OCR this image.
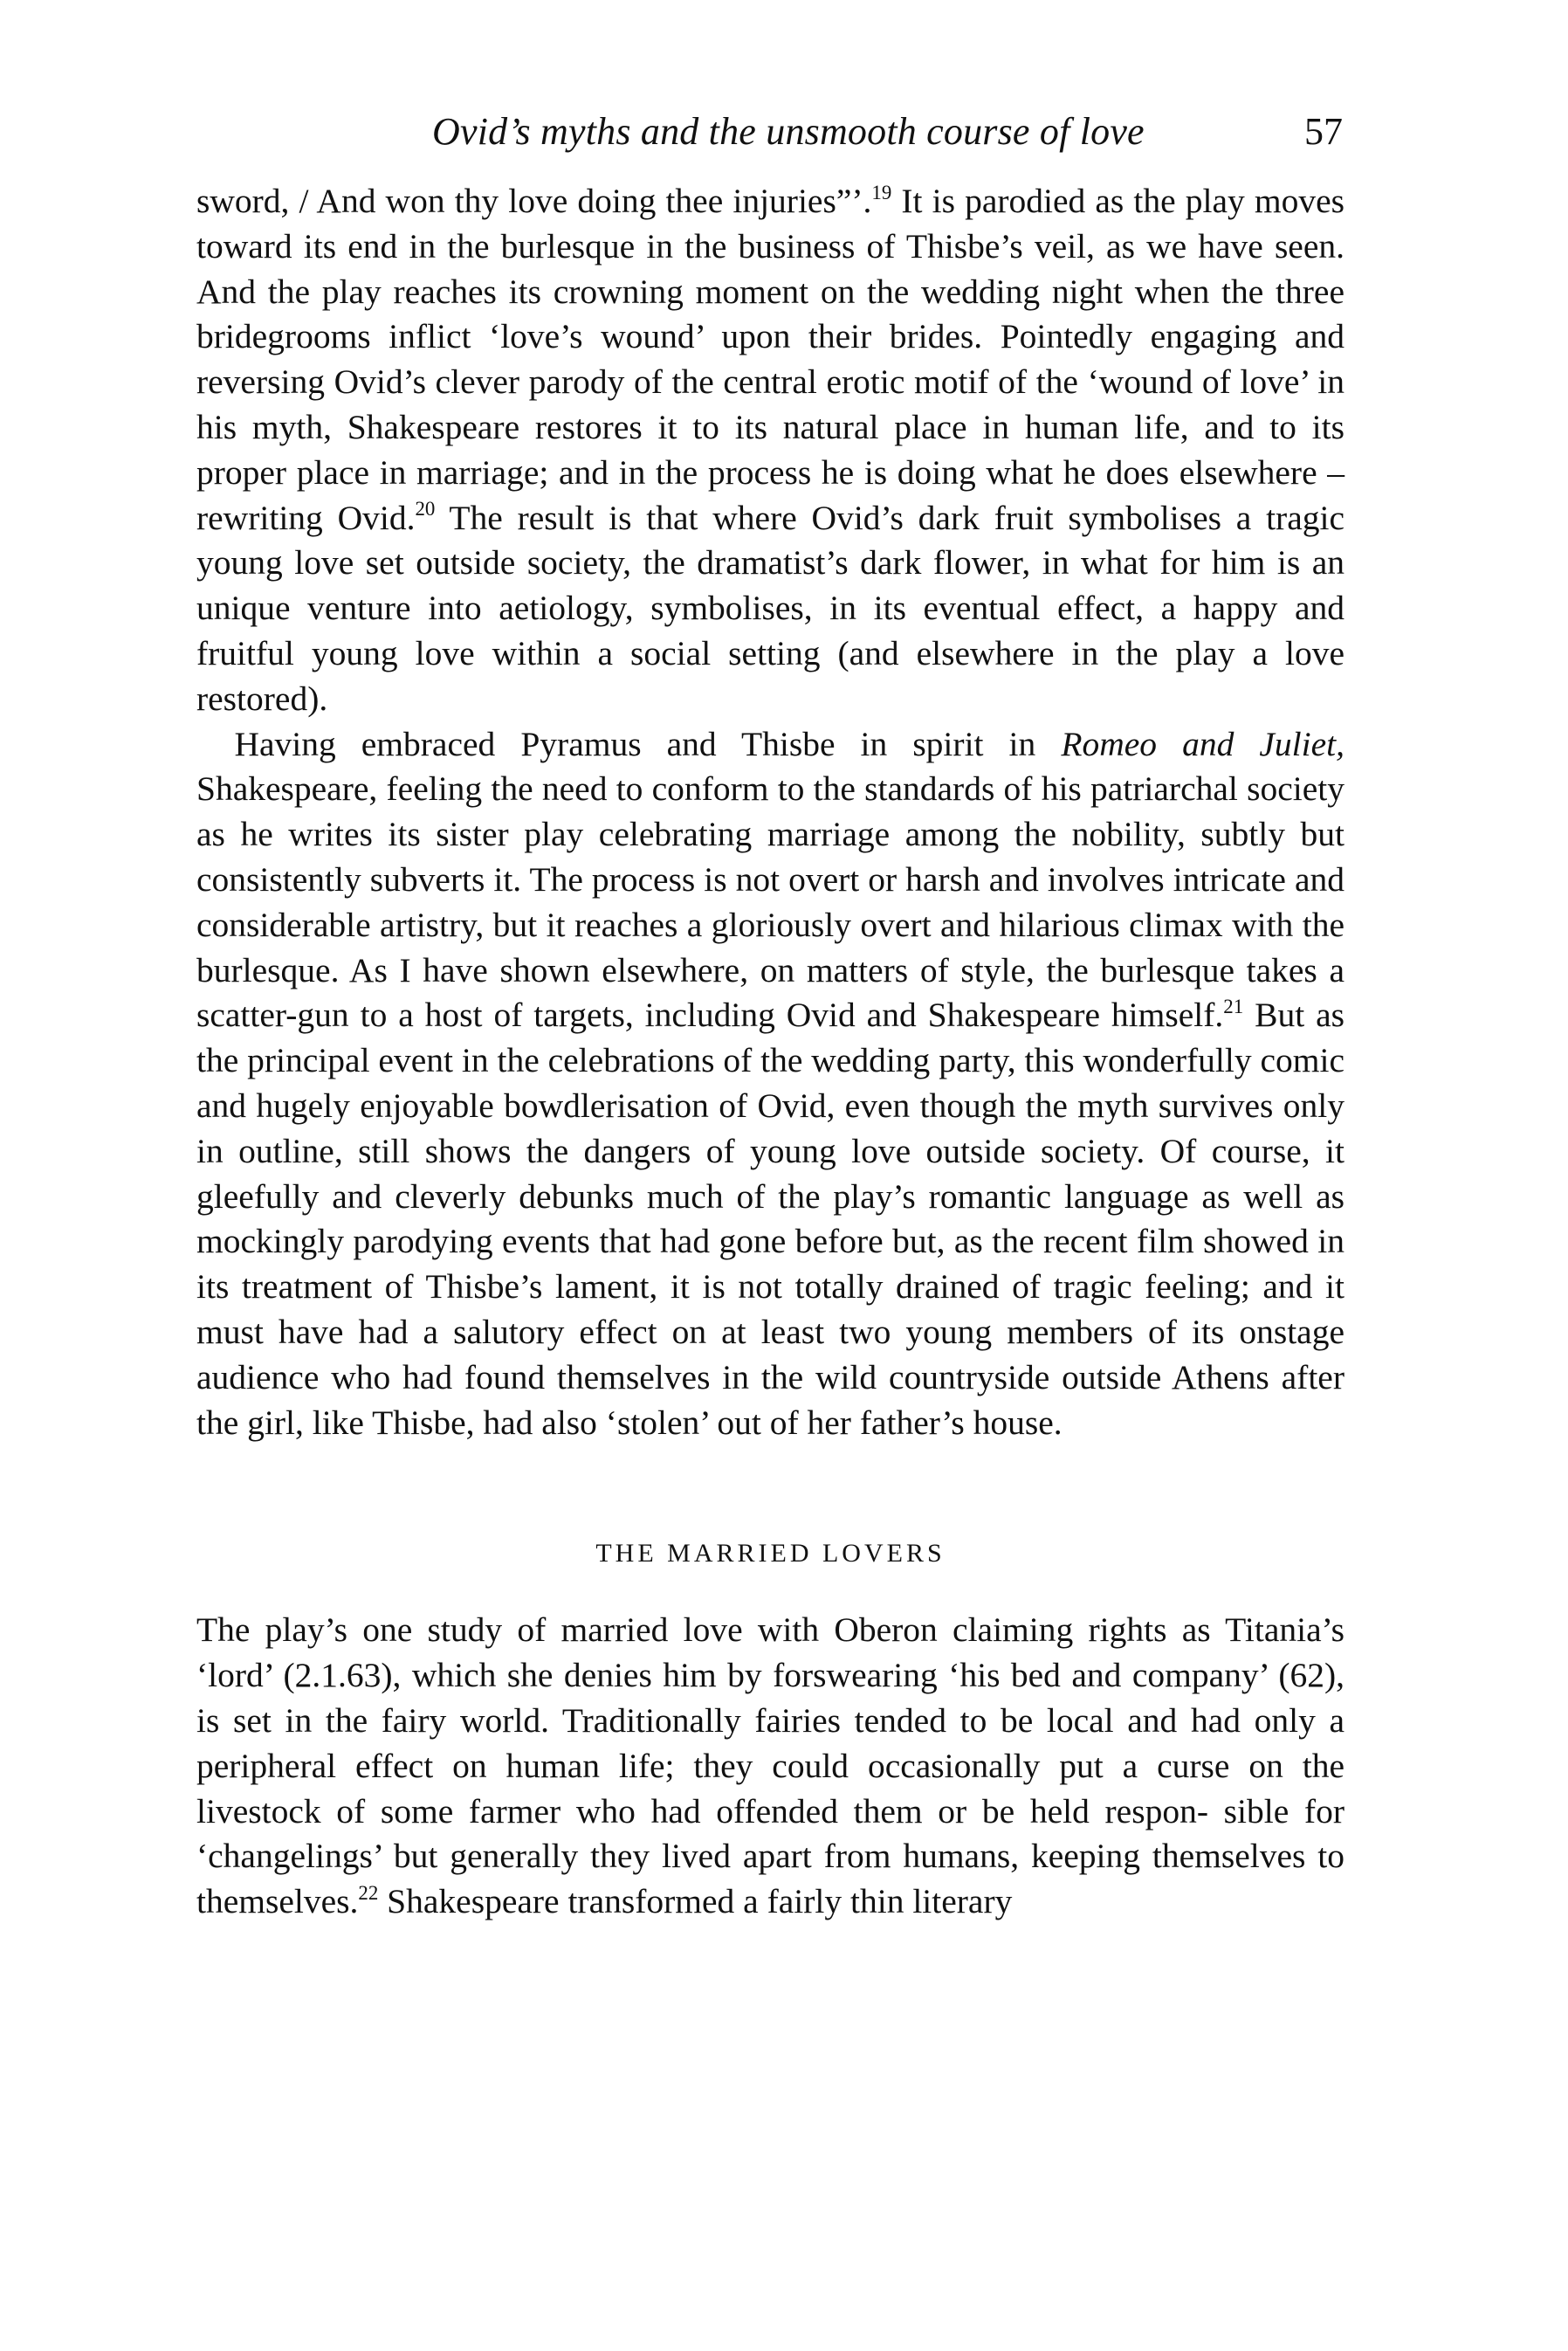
Ovid’s myths and the unsmooth course of love	57

sword, / And won thy love doing thee injuries”’.$^{19}$ It is parodied as the play moves toward its end in the burlesque in the business of Thisbe’s veil, as we have seen. And the play reaches its crowning moment on the wedding night when the three bridegrooms inflict ‘love’s wound’ upon their brides. Pointedly engaging and reversing Ovid’s clever parody of the central erotic motif of the ‘wound of love’ in his myth, Shakespeare restores it to its natural place in human life, and to its proper place in marriage; and in the process he is doing what he does elsewhere – rewriting Ovid.$^{20}$ The result is that where Ovid’s dark fruit symbolises a tragic young love set outside society, the dramatist’s dark flower, in what for him is an unique venture into aetiology, symbolises, in its eventual effect, a happy and fruitful young love within a social setting (and elsewhere in the play a love restored).

Having embraced Pyramus and Thisbe in spirit in Romeo and Juliet, Shakespeare, feeling the need to conform to the standards of his patriarchal society as he writes its sister play celebrating marriage among the nobility, subtly but consistently subverts it. The process is not overt or harsh and involves intricate and considerable artistry, but it reaches a gloriously overt and hilarious climax with the burlesque. As I have shown elsewhere, on matters of style, the burlesque takes a scatter-gun to a host of targets, including Ovid and Shakespeare himself.$^{21}$ But as the principal event in the celebrations of the wedding party, this wonderfully comic and hugely enjoyable bowdlerisation of Ovid, even though the myth survives only in outline, still shows the dangers of young love outside society. Of course, it gleefully and cleverly debunks much of the play’s romantic language as well as mockingly parodying events that had gone before but, as the recent film showed in its treatment of Thisbe’s lament, it is not totally drained of tragic feeling; and it must have had a salutory effect on at least two young members of its onstage audience who had found themselves in the wild countryside outside Athens after the girl, like Thisbe, had also ‘stolen’ out of her father’s house.

THE MARRIED LOVERS

The play’s one study of married love with Oberon claiming rights as Titania’s ‘lord’ (2.1.63), which she denies him by forswearing ‘his bed and company’ (62), is set in the fairy world. Traditionally fairies tended to be local and had only a peripheral effect on human life; they could occasionally put a curse on the livestock of some farmer who had offended them or be held respon- sible for ‘changelings’ but generally they lived apart from humans, keeping themselves to themselves.$^{22}$ Shakespeare transformed a fairly thin literary
